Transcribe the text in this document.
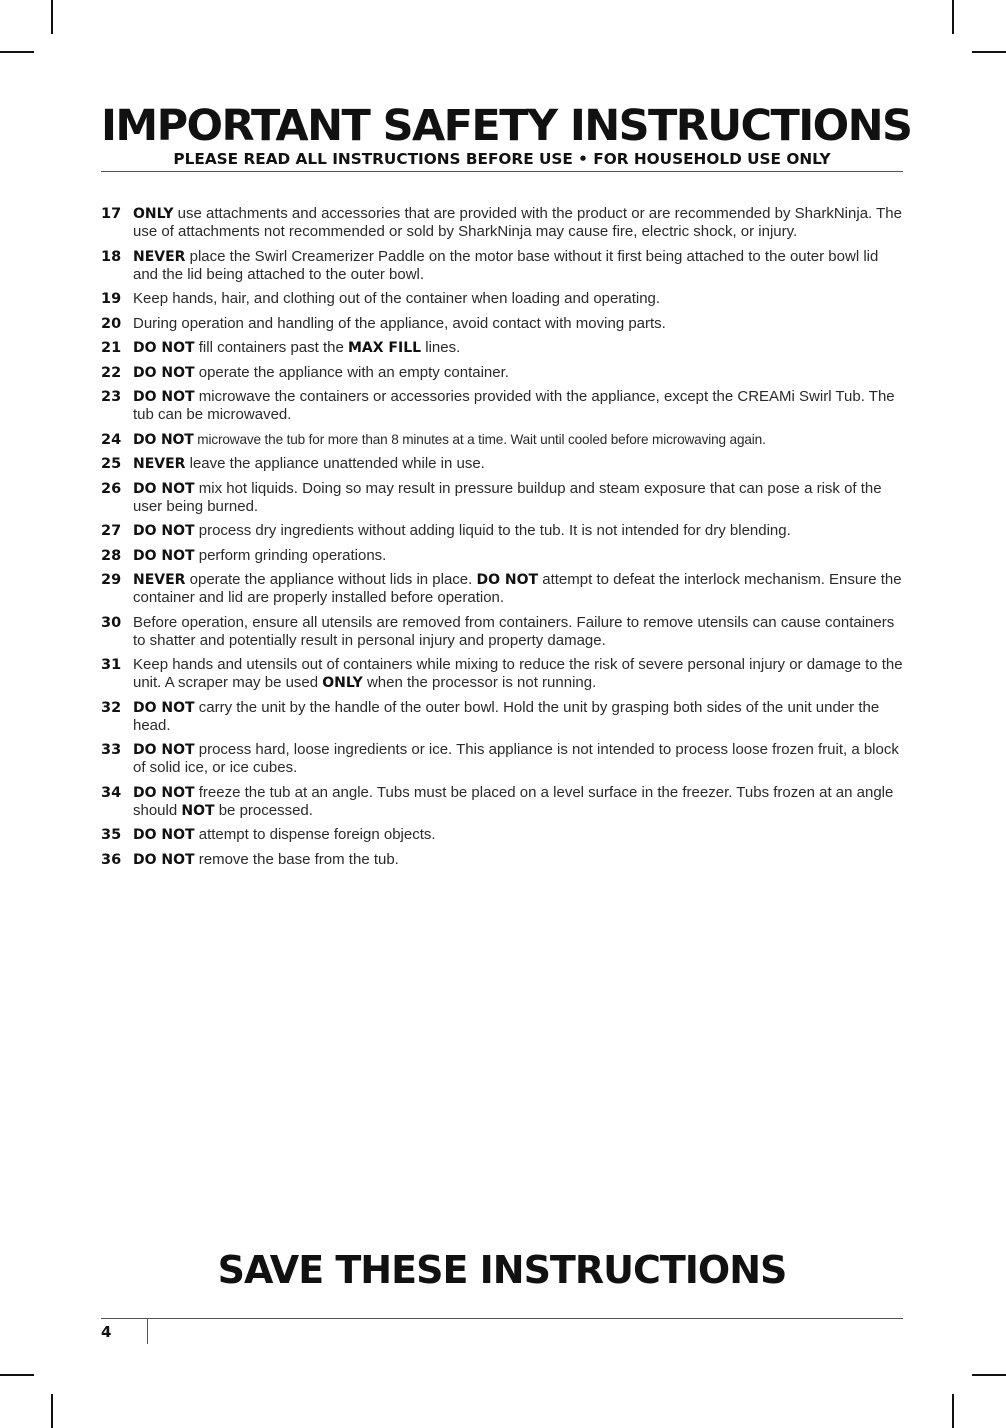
IMPORTANT SAFETY INSTRUCTIONS
PLEASE READ ALL INSTRUCTIONS BEFORE USE • FOR HOUSEHOLD USE ONLY
17 ONLY use attachments and accessories that are provided with the product or are recommended by SharkNinja. The use of attachments not recommended or sold by SharkNinja may cause fire, electric shock, or injury.
18 NEVER place the Swirl Creamerizer Paddle on the motor base without it first being attached to the outer bowl lid and the lid being attached to the outer bowl.
19 Keep hands, hair, and clothing out of the container when loading and operating.
20 During operation and handling of the appliance, avoid contact with moving parts.
21 DO NOT fill containers past the MAX FILL lines.
22 DO NOT operate the appliance with an empty container.
23 DO NOT microwave the containers or accessories provided with the appliance, except the CREAMi Swirl Tub. The tub can be microwaved.
24 DO NOT microwave the tub for more than 8 minutes at a time. Wait until cooled before microwaving again.
25 NEVER leave the appliance unattended while in use.
26 DO NOT mix hot liquids. Doing so may result in pressure buildup and steam exposure that can pose a risk of the user being burned.
27 DO NOT process dry ingredients without adding liquid to the tub. It is not intended for dry blending.
28 DO NOT perform grinding operations.
29 NEVER operate the appliance without lids in place. DO NOT attempt to defeat the interlock mechanism. Ensure the container and lid are properly installed before operation.
30 Before operation, ensure all utensils are removed from containers. Failure to remove utensils can cause containers to shatter and potentially result in personal injury and property damage.
31 Keep hands and utensils out of containers while mixing to reduce the risk of severe personal injury or damage to the unit. A scraper may be used ONLY when the processor is not running.
32 DO NOT carry the unit by the handle of the outer bowl. Hold the unit by grasping both sides of the unit under the head.
33 DO NOT process hard, loose ingredients or ice. This appliance is not intended to process loose frozen fruit, a block of solid ice, or ice cubes.
34 DO NOT freeze the tub at an angle. Tubs must be placed on a level surface in the freezer. Tubs frozen at an angle should NOT be processed.
35 DO NOT attempt to dispense foreign objects.
36 DO NOT remove the base from the tub.
SAVE THESE INSTRUCTIONS
4
